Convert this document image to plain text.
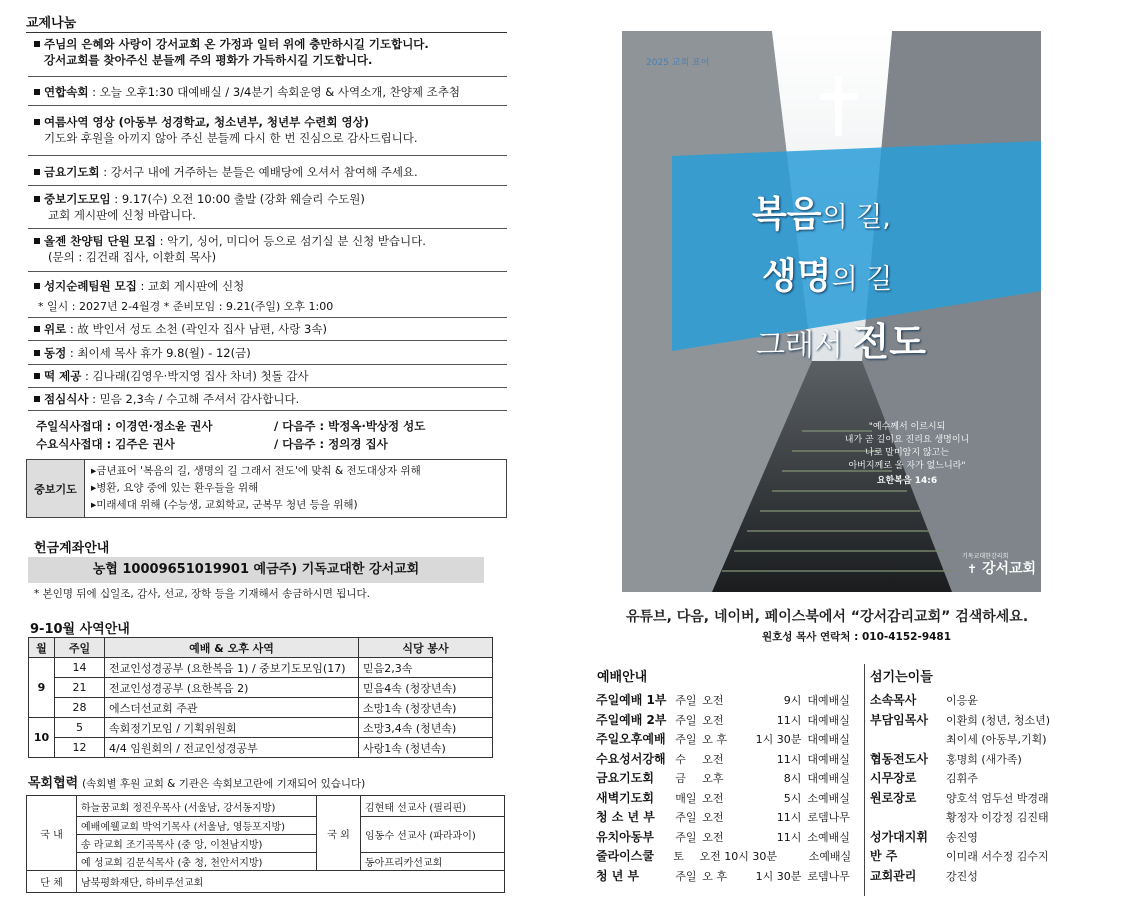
교제나눔
주님의 은혜와 사랑이 강서교회 온 가정과 일터 위에 충만하시길 기도합니다.
강서교회를 찾아주신 분들께 주의 평화가 가득하시길 기도합니다.
연합속회 : 오늘 오후1:30 대예배실 / 3/4분기 속회운영 & 사역소개, 찬양제 조추첨
여름사역 영상 (아동부 성경학교, 청소년부, 청년부 수련회 영상)
기도와 후원을 아끼지 않아 주신 분들께 다시 한 번 진심으로 감사드립니다.
금요기도회 : 강서구 내에 거주하는 분들은 예배당에 오셔서 참여해 주세요.
중보기도모임 : 9.17(수) 오전 10:00 출발 (강화 웨슬리 수도원)
교회 게시판에 신청 바랍니다.
올젠 찬양팀 단원 모집 : 악기, 싱어, 미디어 등으로 섬기실 분 신청 받습니다.
(문의 : 김건래 집사, 이환희 목사)
성지순례팀원 모집 : 교회 게시판에 신청
* 일시 : 2027년 2-4월경 * 준비모임 : 9.21(주일) 오후 1:00
위로 : 故 박인서 성도 소천 (곽인자 집사 남편, 사랑 3속)
동정 : 최이세 목사 휴가 9.8(월) - 12(금)
떡 제공 : 김나래(김영우·박지영 집사 차녀) 첫돌 감사
점심식사 : 믿음 2,3속 / 수고해 주셔서 감사합니다.
주일식사접대 : 이경연·정소윤 권사	/ 다음주 : 박정옥·박상정 성도
수요식사접대 : 김주은 권사	/ 다음주 : 정의경 집사
중보기도
▸금년표어 '복음의 길, 생명의 길 그래서 전도'에 맞춰 & 전도대상자 위해
▸병환, 요양 중에 있는 환우들을 위해
▸미래세대 위해 (수능생, 교회학교, 군복무 청년 등을 위해)
헌금계좌안내
농협 10009651019901 예금주) 기독교대한 강서교회
* 본인명 뒤에 십일조, 감사, 선교, 장학 등을 기재해서 송금하시면 됩니다.
9-10월 사역안내
월	주일	예배 & 오후 사역	식당 봉사
9	14	전교인성경공부 (요한복음 1) / 중보기도모임(17)	믿음2,3속
	21	전교인성경공부 (요한복음 2)	믿음4속 (청장년속)
	28	에스더선교회 주관	소망1속 (청장년속)
10	5	속회정기모임 / 기획위원회	소망3,4속 (청년속)
	12	4/4 임원회의 / 전교인성경공부	사랑1속 (청년속)
목회협력 (속회별 후원 교회 & 기관은 속회보고란에 기재되어 있습니다)
국 내	하늘꿈교회 정진우목사 (서울남, 강서동지방)	국 외	김현태 선교사 (필리핀)
	예배예웰교회 박억기목사 (서울남, 영등포지방)		임동수 선교사 (파라과이)
	송 라교회 조기곡목사 (중 앙, 이천남지방)		
	예 성교회 김문식목사 (충 청, 천안서지방)		동아프리카선교회
단 체	남북평화재단, 하비루선교회		
2025 교회 표어
복음의 길,
생명의 길
그래서 전도
"예수께서 이르시되
내가 곧 길이요 진리요 생명이니
나로 말미암지 않고는
아버지께로 올 자가 없느니라"
요한복음 14:6
기독교대한감리회
✝ 강서교회
유튜브, 다음, 네이버, 페이스북에서 “강서감리교회” 검색하세요.
원호성 목사 연락처 : 010-4152-9481
예배안내
주일예배 1부 주일 오전	9시 대예배실
주일예배 2부 주일 오전	11시 대예배실
주일오후예배 주일 오 후	1시 30분 대예배실
수요성서강해 수	오전	11시 대예배실
금요기도회	금	오후	8시 대예배실
새벽기도회	매일 오전	5시 소예배실
청 소 년 부	주일 오전	11시 로뎀나무
유치아동부	주일 오전	11시 소예배실
줄라이스쿨	토	오전 10시 30분	소예배실
청 년 부	주일 오 후	1시 30분 로뎀나무
섬기는이들
소속목사	이응윤
부담임목사	이환희 (청년, 청소년)
최이세 (아동부,기획)
협동전도사	홍명희 (새가족)
시무장로	김휘주
원로장로	양호석 엄두선 박경래
황정자 이강정 김진태
성가대지휘	송진영
반 주	이미래 서수정 김수지
교회관리	강진성
